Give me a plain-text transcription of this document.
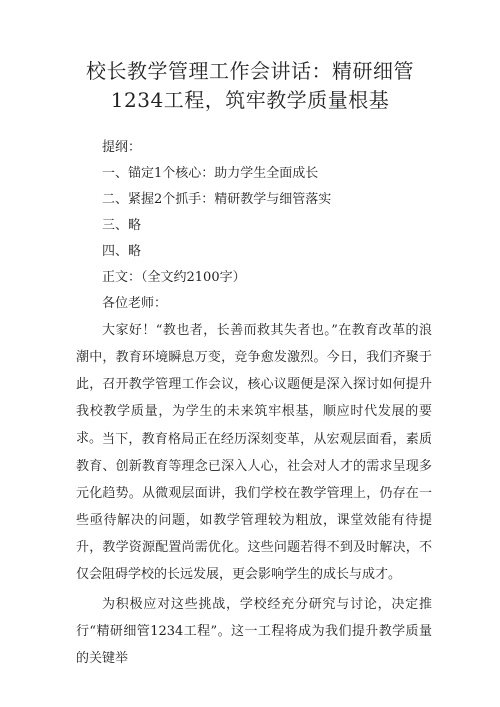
校长教学管理工作会讲话：精研细管1234工程，筑牢教学质量根基
提纲：
一、锚定1个核心：助力学生全面成长
二、紧握2个抓手：精研教学与细管落实
三、略
四、略
正文：（全文约2100字）
各位老师：

大家好！“教也者，长善而救其失者也。”在教育改革的浪潮中，教育环境瞬息万变，竞争愈发激烈。今日，我们齐聚于此，召开教学管理工作会议，核心议题便是深入探讨如何提升我校教学质量，为学生的未来筑牢根基，顺应时代发展的要求。 当下，教育格局正在经历深刻变革，从宏观层面看，素质教育、创新教育等理念已深入人心，社会对人才的需求呈现多元化趋势。从微观层面讲，我们学校在教学管理上，仍存在一些亟待解决的问题，如教学管理较为粗放，课堂效能有待提升，教学资源配置尚需优化。这些问题若得不到及时解决，不仅会阻碍学校的长远发展，更会影响学生的成长与成才。

为积极应对这些挑战，学校经充分研究与讨论，决定推行“精研细管1234工程”。这一工程将成为我们提升教学质量的关键举
